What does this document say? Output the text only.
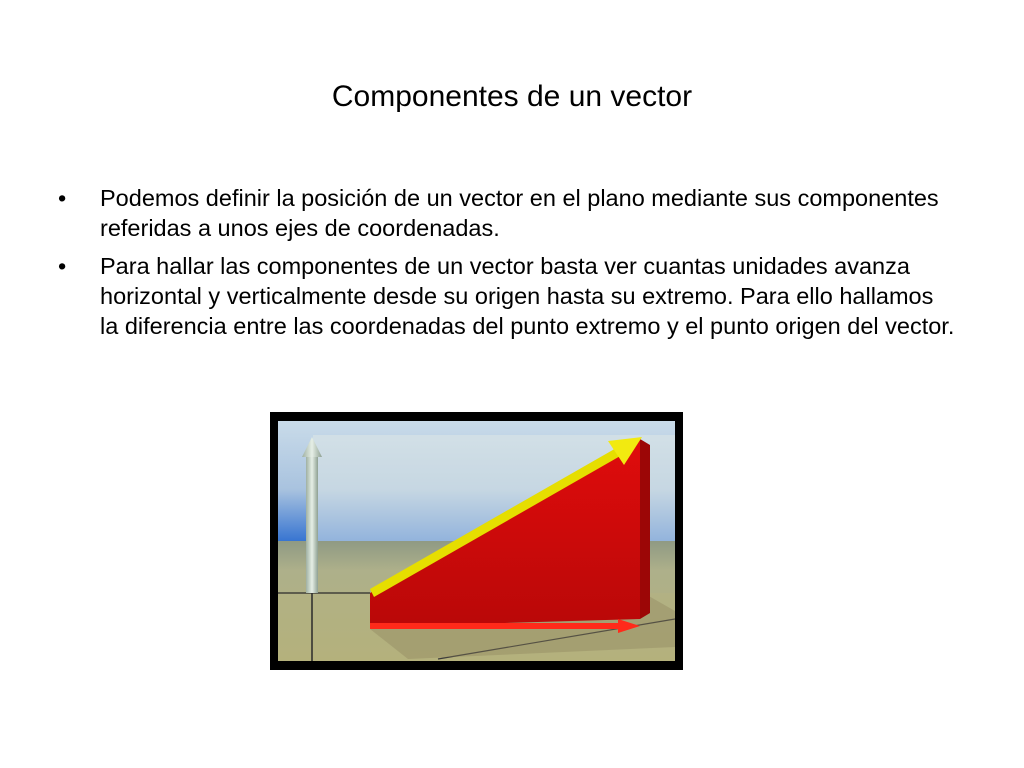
Componentes de un vector
•	Podemos definir la posición de un vector en el plano mediante sus componentes referidas a unos ejes de coordenadas.
•	Para hallar las componentes de un vector basta ver cuantas unidades avanza horizontal y verticalmente desde su origen hasta su extremo. Para ello hallamos la diferencia entre las coordenadas del punto extremo y el punto origen del vector.
